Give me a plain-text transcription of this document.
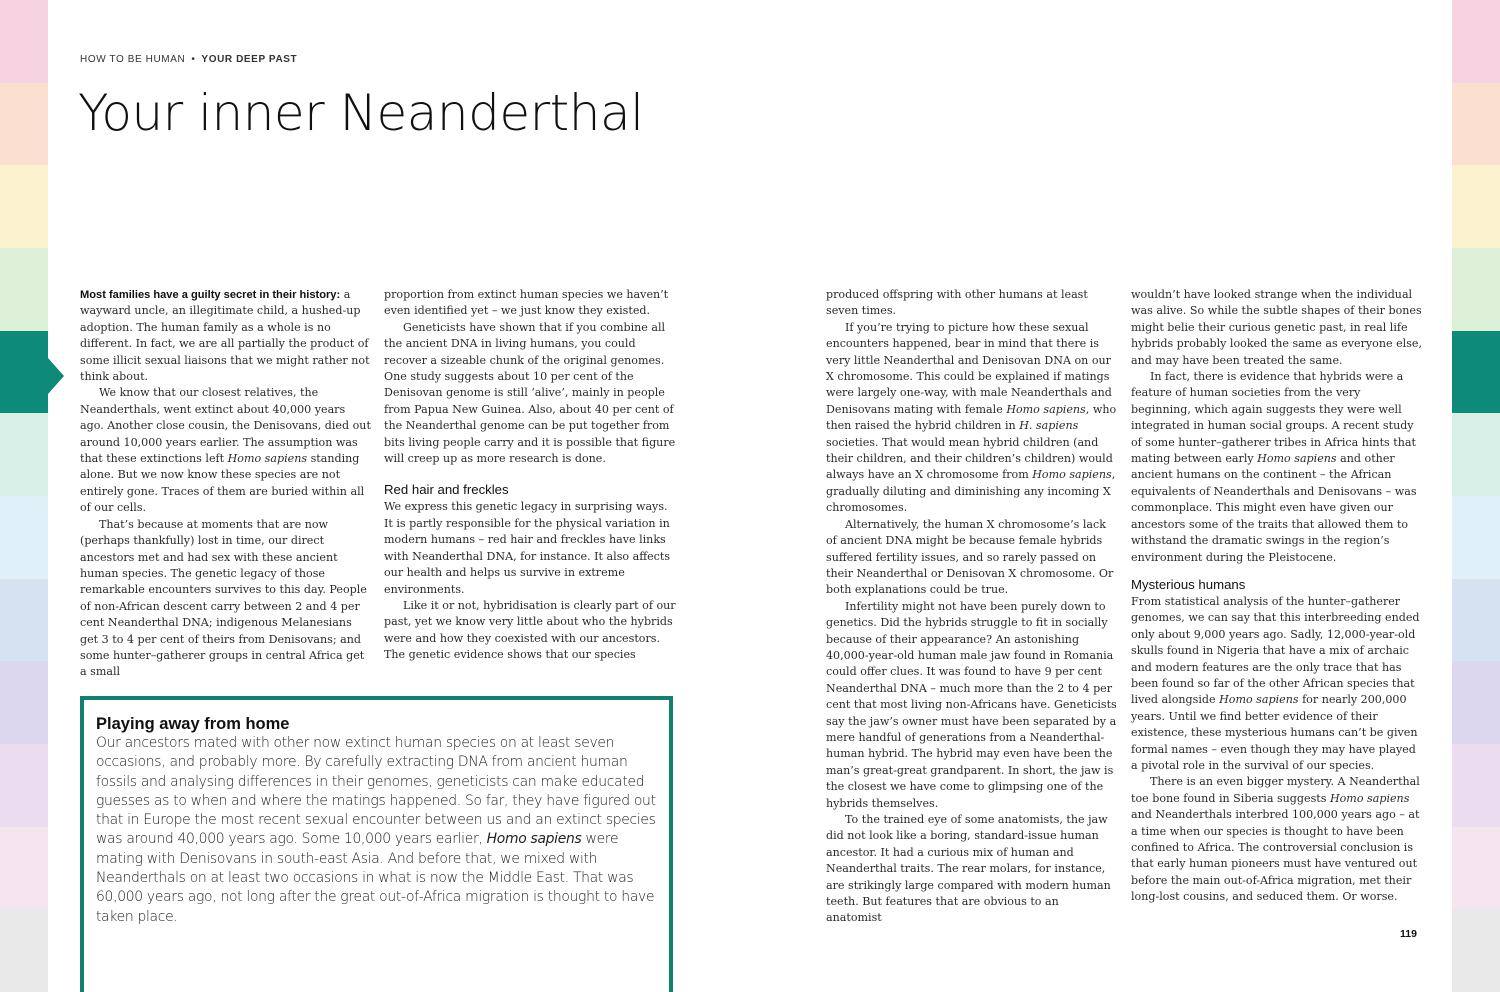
HOW TO BE HUMAN • YOUR DEEP PAST
Your inner Neanderthal

Most families have a guilty secret in their history: a wayward uncle, an illegitimate child, a hushed-up adoption. The human family as a whole is no different. In fact, we are all partially the product of some illicit sexual liaisons that we might rather not think about.

We know that our closest relatives, the Neanderthals, went extinct about 40,000 years ago. Another close cousin, the Denisovans, died out around 10,000 years earlier. The assumption was that these extinctions left Homo sapiens standing alone. But we now know these species are not entirely gone. Traces of them are buried within all of our cells.

That’s because at moments that are now (perhaps thankfully) lost in time, our direct ancestors met and had sex with these ancient human species. The genetic legacy of those remarkable encounters survives to this day. People of non-African descent carry between 2 and 4 per cent Neanderthal DNA; indigenous Melanesians get 3 to 4 per cent of theirs from Denisovans; and some hunter–gatherer groups in central Africa get a small

proportion from extinct human species we haven’t even identified yet – we just know they existed.

Geneticists have shown that if you combine all the ancient DNA in living humans, you could recover a sizeable chunk of the original genomes. One study suggests about 10 per cent of the Denisovan genome is still ‘alive’, mainly in people from Papua New Guinea. Also, about 40 per cent of the Neanderthal genome can be put together from bits living people carry and it is possible that figure will creep up as more research is done.

Red hair and freckles

We express this genetic legacy in surprising ways. It is partly responsible for the physical variation in modern humans – red hair and freckles have links with Neanderthal DNA, for instance. It also affects our health and helps us survive in extreme environments.

Like it or not, hybridisation is clearly part of our past, yet we know very little about who the hybrids were and how they coexisted with our ancestors. The genetic evidence shows that our species

Playing away from home

Our ancestors mated with other now extinct human species on at least seven occasions, and probably more. By carefully extracting DNA from ancient human fossils and analysing differences in their genomes, geneticists can make educated guesses as to when and where the matings happened. So far, they have figured out that in Europe the most recent sexual encounter between us and an extinct species was around 40,000 years ago. Some 10,000 years earlier, Homo sapiens were mating with Denisovans in south-east Asia. And before that, we mixed with Neanderthals on at least two occasions in what is now the Middle East. That was 60,000 years ago, not long after the great out-of-Africa migration is thought to have taken place.

produced offspring with other humans at least seven times.

If you’re trying to picture how these sexual encounters happened, bear in mind that there is very little Neanderthal and Denisovan DNA on our X chromosome. This could be explained if matings were largely one-way, with male Neanderthals and Denisovans mating with female Homo sapiens, who then raised the hybrid children in H. sapiens societies. That would mean hybrid children (and their children, and their children’s children) would always have an X chromosome from Homo sapiens, gradually diluting and diminishing any incoming X chromosomes.

Alternatively, the human X chromosome’s lack of ancient DNA might be because female hybrids suffered fertility issues, and so rarely passed on their Neanderthal or Denisovan X chromosome. Or both explanations could be true.

Infertility might not have been purely down to genetics. Did the hybrids struggle to fit in socially because of their appearance? An astonishing 40,000-year-old human male jaw found in Romania could offer clues. It was found to have 9 per cent Neanderthal DNA – much more than the 2 to 4 per cent that most living non-Africans have. Geneticists say the jaw’s owner must have been separated by a mere handful of generations from a Neanderthal-human hybrid. The hybrid may even have been the man’s great-great grandparent. In short, the jaw is the closest we have come to glimpsing one of the hybrids themselves.

To the trained eye of some anatomists, the jaw did not look like a boring, standard-issue human ancestor. It had a curious mix of human and Neanderthal traits. The rear molars, for instance, are strikingly large compared with modern human teeth. But features that are obvious to an anatomist

wouldn’t have looked strange when the individual was alive. So while the subtle shapes of their bones might belie their curious genetic past, in real life hybrids probably looked the same as everyone else, and may have been treated the same.

In fact, there is evidence that hybrids were a feature of human societies from the very beginning, which again suggests they were well integrated in human social groups. A recent study of some hunter–gatherer tribes in Africa hints that mating between early Homo sapiens and other ancient humans on the continent – the African equivalents of Neanderthals and Denisovans – was commonplace. This might even have given our ancestors some of the traits that allowed them to withstand the dramatic swings in the region’s environment during the Pleistocene.

Mysterious humans

From statistical analysis of the hunter–gatherer genomes, we can say that this interbreeding ended only about 9,000 years ago. Sadly, 12,000-year-old skulls found in Nigeria that have a mix of archaic and modern features are the only trace that has been found so far of the other African species that lived alongside Homo sapiens for nearly 200,000 years. Until we find better evidence of their existence, these mysterious humans can’t be given formal names – even though they may have played a pivotal role in the survival of our species.

There is an even bigger mystery. A Neanderthal toe bone found in Siberia suggests Homo sapiens and Neanderthals interbred 100,000 years ago – at a time when our species is thought to have been confined to Africa. The controversial conclusion is that early human pioneers must have ventured out before the main out-of-Africa migration, met their long-lost cousins, and seduced them. Or worse.

119
